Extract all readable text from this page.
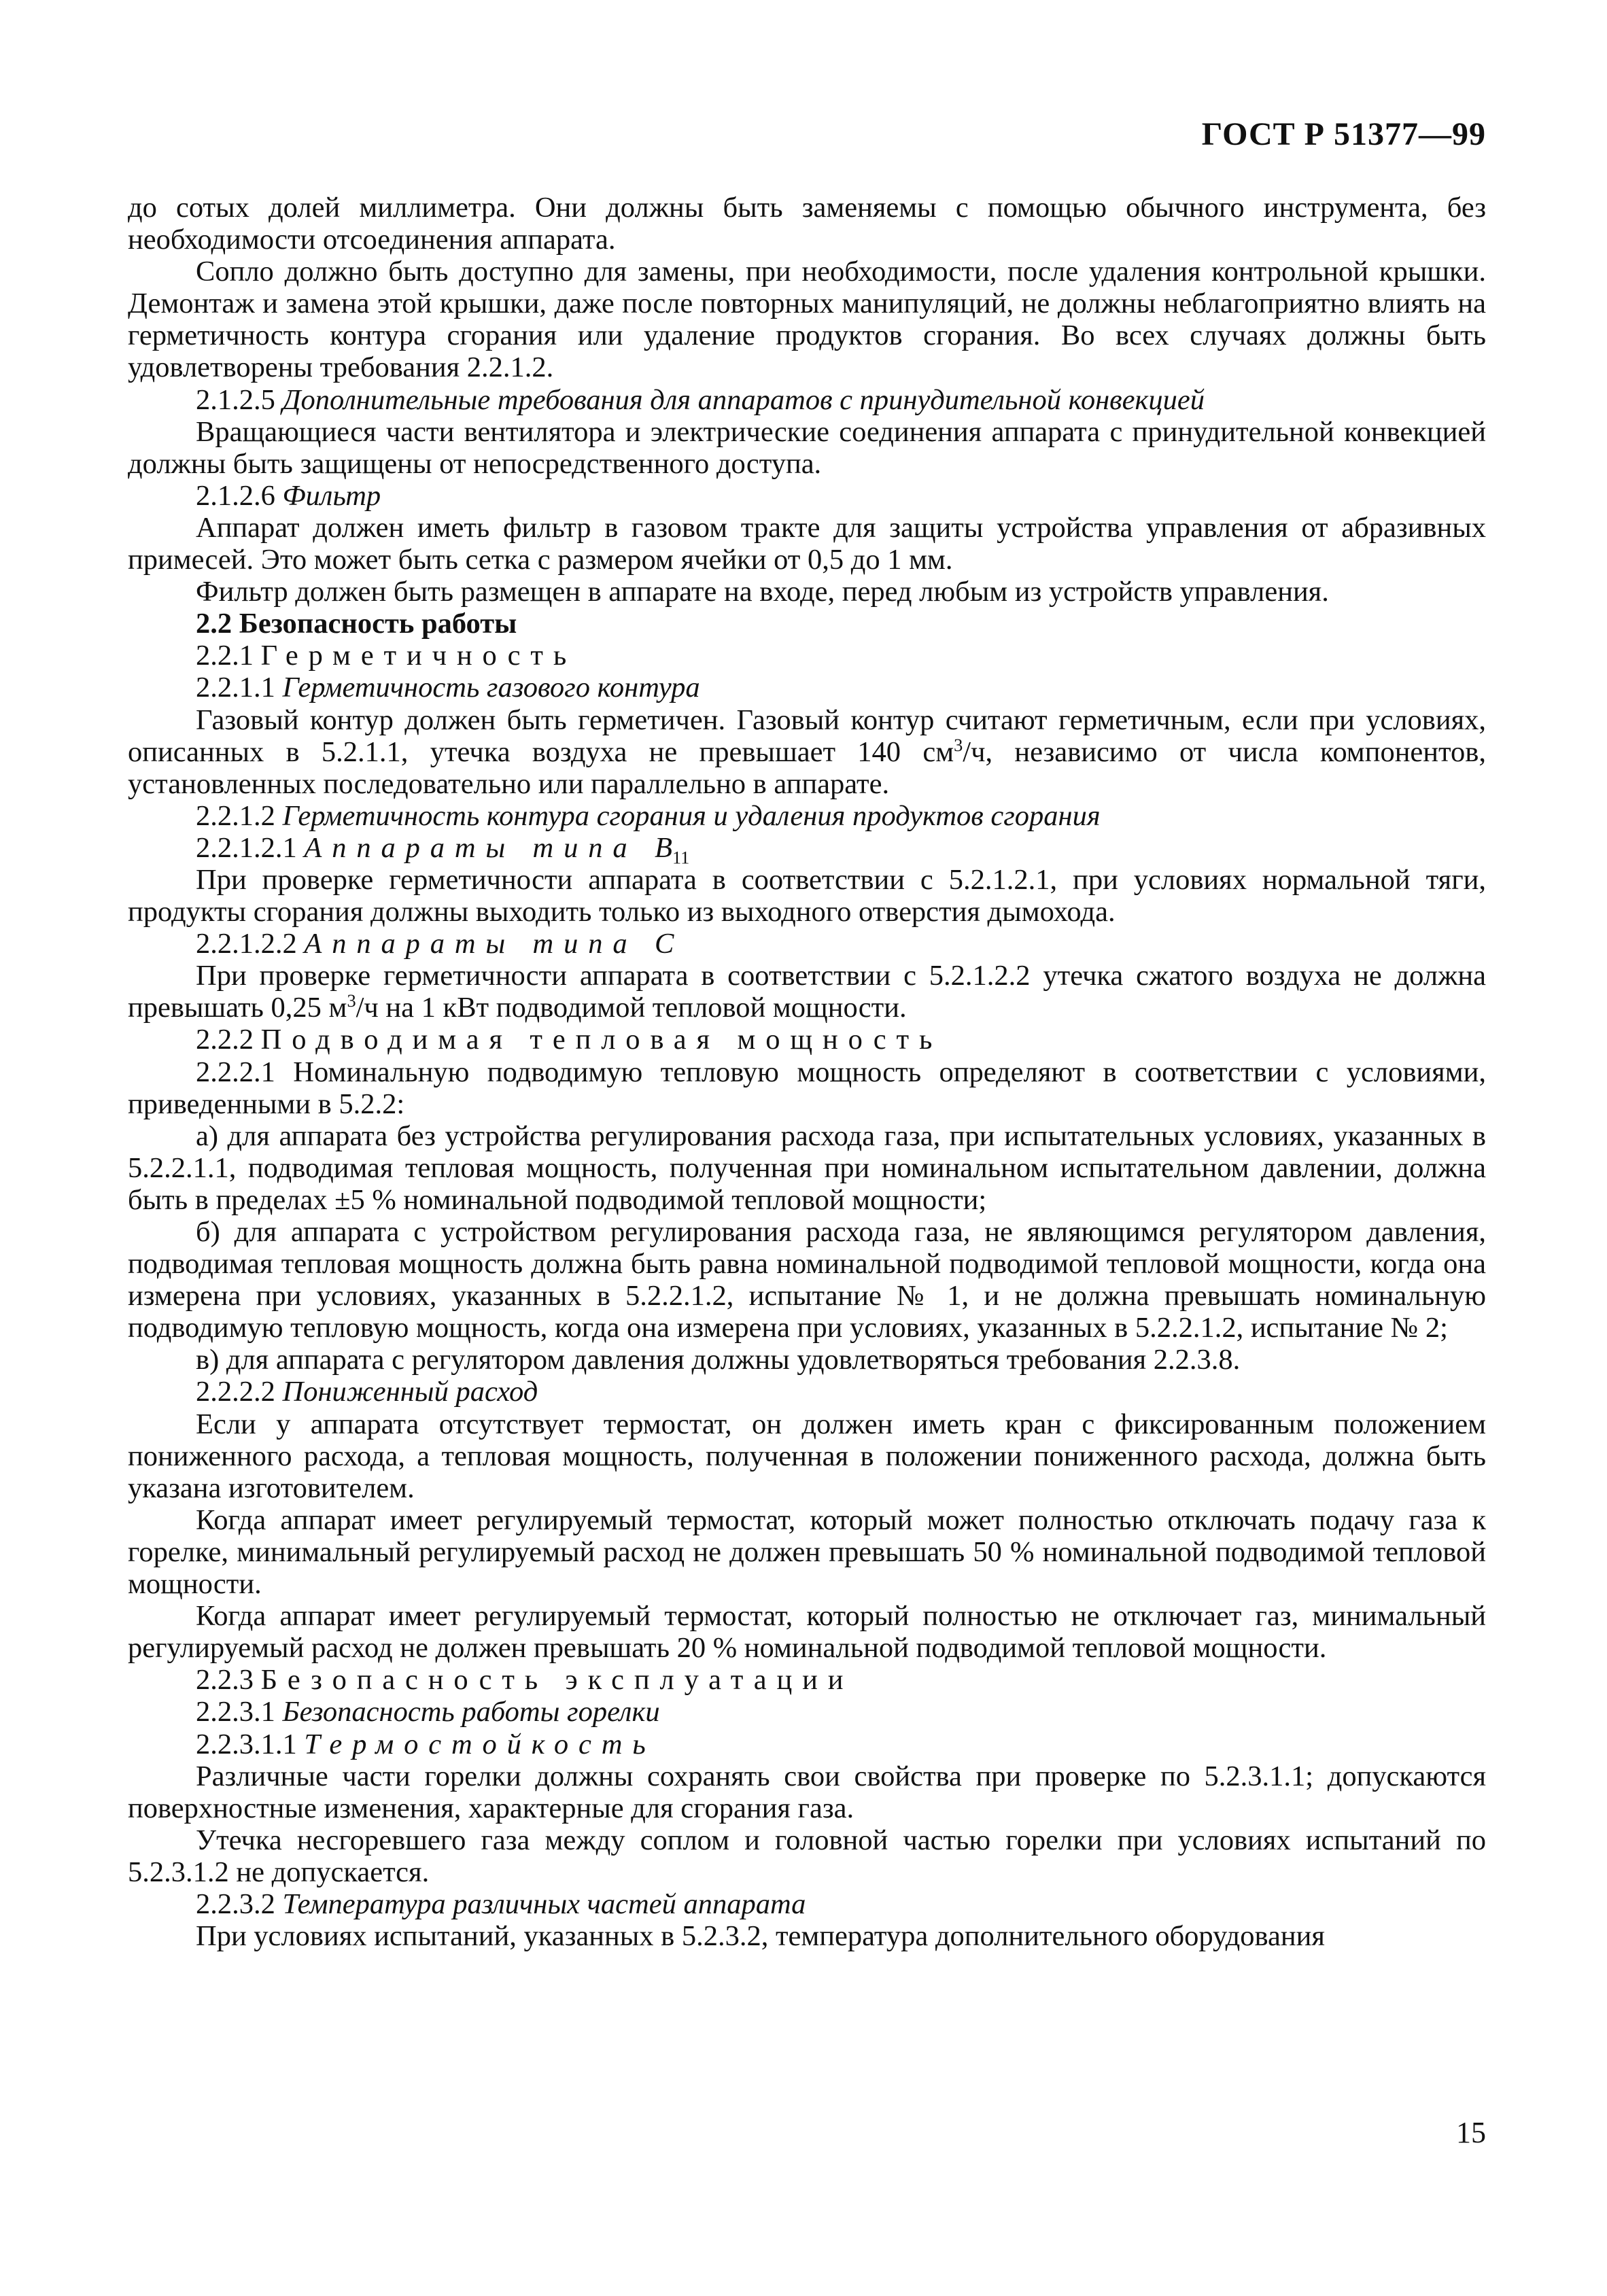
ГОСТ Р 51377—99

до сотых долей миллиметра. Они должны быть заменяемы с помощью обычного инструмента, без необходимости отсоединения аппарата.

Сопло должно быть доступно для замены, при необходимости, после удаления контрольной крышки. Демонтаж и замена этой крышки, даже после повторных манипуляций, не должны неблагоприятно влиять на герметичность контура сгорания или удаление продуктов сгорания. Во всех случаях должны быть удовлетворены требования 2.2.1.2.

2.1.2.5 Дополнительные требования для аппаратов с принудительной конвекцией

Вращающиеся части вентилятора и электрические соединения аппарата с принудительной конвекцией должны быть защищены от непосредственного доступа.

2.1.2.6 Фильтр

Аппарат должен иметь фильтр в газовом тракте для защиты устройства управления от абразивных примесей. Это может быть сетка с размером ячейки от 0,5 до 1 мм.

Фильтр должен быть размещен в аппарате на входе, перед любым из устройств управления.

2.2 Безопасность работы

2.2.1 Герметичность

2.2.1.1 Герметичность газового контура

Газовый контур должен быть герметичен. Газовый контур считают герметичным, если при условиях, описанных в 5.2.1.1, утечка воздуха не превышает 140 $см^3/ч$, независимо от числа компонентов, установленных последовательно или параллельно в аппарате.

2.2.1.2 Герметичность контура сгорания и удаления продуктов сгорания

2.2.1.2.1 Аппараты типа $B_{11}$

При проверке герметичности аппарата в соответствии с 5.2.1.2.1, при условиях нормальной тяги, продукты сгорания должны выходить только из выходного отверстия дымохода.

2.2.1.2.2 Аппараты типа C

При проверке герметичности аппарата в соответствии с 5.2.1.2.2 утечка сжатого воздуха не должна превышать 0,25 $м^3/ч$ на 1 кВт подводимой тепловой мощности.

2.2.2 Подводимая тепловая мощность

2.2.2.1 Номинальную подводимую тепловую мощность определяют в соответствии с условиями, приведенными в 5.2.2:

а) для аппарата без устройства регулирования расхода газа, при испытательных условиях, указанных в 5.2.2.1.1, подводимая тепловая мощность, полученная при номинальном испытательном давлении, должна быть в пределах ±5 % номинальной подводимой тепловой мощности;

б) для аппарата с устройством регулирования расхода газа, не являющимся регулятором давления, подводимая тепловая мощность должна быть равна номинальной подводимой тепловой мощности, когда она измерена при условиях, указанных в 5.2.2.1.2, испытание № 1, и не должна превышать номинальную подводимую тепловую мощность, когда она измерена при условиях, указанных в 5.2.2.1.2, испытание № 2;

в) для аппарата с регулятором давления должны удовлетворяться требования 2.2.3.8.

2.2.2.2 Пониженный расход

Если у аппарата отсутствует термостат, он должен иметь кран с фиксированным положением пониженного расхода, а тепловая мощность, полученная в положении пониженного расхода, должна быть указана изготовителем.

Когда аппарат имеет регулируемый термостат, который может полностью отключать подачу газа к горелке, минимальный регулируемый расход не должен превышать 50 % номинальной подводимой тепловой мощности.

Когда аппарат имеет регулируемый термостат, который полностью не отключает газ, минимальный регулируемый расход не должен превышать 20 % номинальной подводимой тепловой мощности.

2.2.3 Безопасность эксплуатации

2.2.3.1 Безопасность работы горелки

2.2.3.1.1 Термостойкость

Различные части горелки должны сохранять свои свойства при проверке по 5.2.3.1.1; допускаются поверхностные изменения, характерные для сгорания газа.

Утечка несгоревшего газа между соплом и головной частью горелки при условиях испытаний по 5.2.3.1.2 не допускается.

2.2.3.2 Температура различных частей аппарата

При условиях испытаний, указанных в 5.2.3.2, температура дополнительного оборудования

15
